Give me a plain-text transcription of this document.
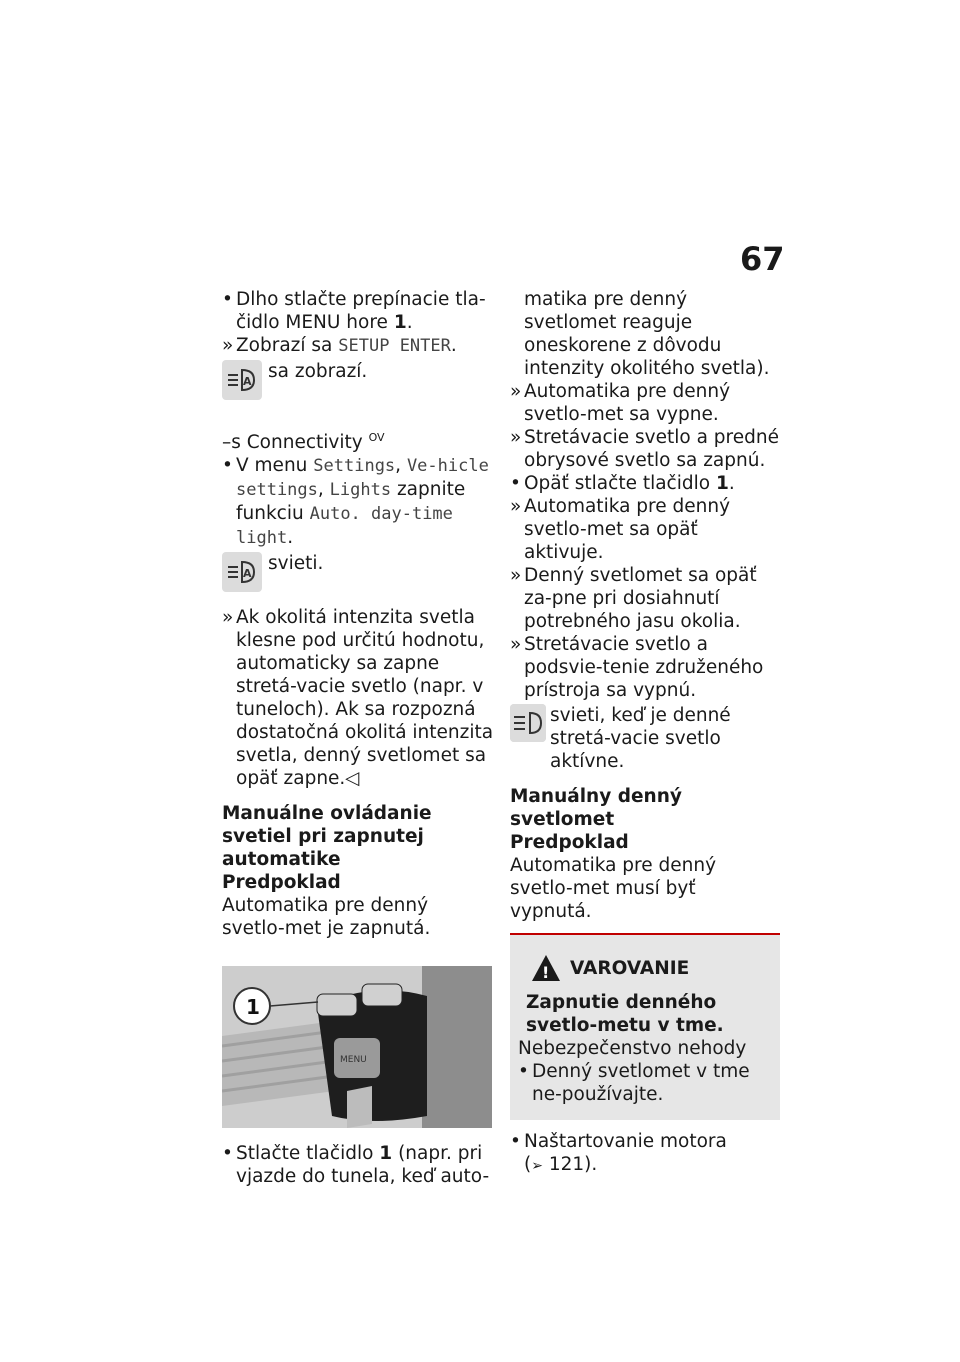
67
• Dlho stlačte prepínacie tla-čidlo MENU hore 1.
» Zobrazí sa SETUP ENTER.
A sa zobrazí.
–s Connectivity $^{OV}$
• V menu Settings, Ve-hicle settings, Lights zapnite funkciu Auto. day-time light.
A svieti.
» Ak okolitá intenzita svetla klesne pod určitú hodnotu, automaticky sa zapne stretá-vacie svetlo (napr. v tuneloch). Ak sa rozpozná dostatočná okolitá intenzita svetla, denný svetlomet sa opäť zapne.◁

Manuálne ovládanie svetiel pri zapnutej automatike

Predpoklad

Automatika pre denný svetlo-met je zapnutá.

MENU
1
• Stlačte tlačidlo 1 (napr. pri vjazde do tunela, keď auto-
matika pre denný svetlomet reaguje oneskorene z dôvodu intenzity okolitého svetla).
» Automatika pre denný svetlo-met sa vypne.
» Stretávacie svetlo a predné obrysové svetlo sa zapnú.
• Opäť stlačte tlačidlo 1.
» Automatika pre denný svetlo-met sa opäť aktivuje.
» Denný svetlomet sa opäť za-pne pri dosiahnutí potrebného jasu okolia.
» Stretávacie svetlo a podsvie-tenie združeného prístroja sa vypnú.
svieti, keď je denné stretá-vacie svetlo aktívne.

Manuálny denný svetlomet

Predpoklad

Automatika pre denný svetlo-met musí byť vypnutá.

! VAROVANIE

Zapnutie denného svetlo-metu v tme.

Nebezpečenstvo nehody

• Denný svetlomet v tme ne-používajte.
• Naštartovanie motora
(➢ 121).
